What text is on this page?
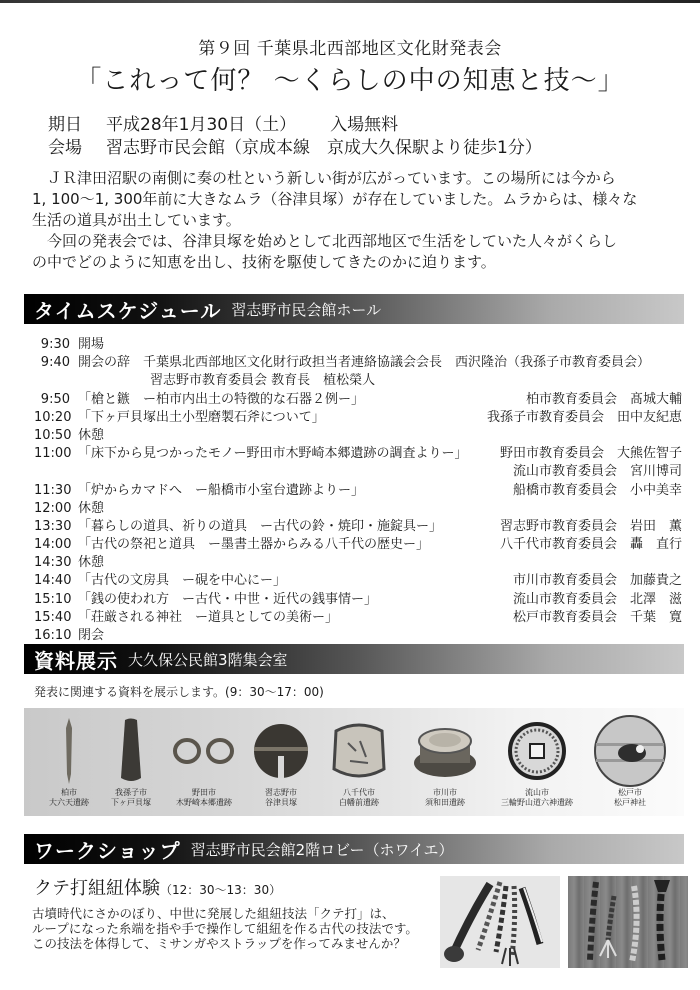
第９回 千葉県北西部地区文化財発表会
「これって何？ ～くらしの中の知恵と技～」
期日 平成28年1月30日（土） 入場無料
会場 習志野市民会館（京成本線　京成大久保駅より徒歩1分）

ＪＲ津田沼駅の南側に奏の杜という新しい街が広がっています。この場所には今から

1, 100～1, 300年前に大きなムラ（谷津貝塚）が存在していました。ムラからは、様々な

生活の道具が出土しています。

今回の発表会では、谷津貝塚を始めとして北西部地区で生活をしていた人々がくらし

の中でどのように知恵を出し、技術を駆使してきたのかに迫ります。

タイムスケジュール 習志野市民会館ホール
9:30 開場
9:40 開会の辞　千葉県北西部地区文化財行政担当者連絡協議会会長　西沢隆治（我孫子市教育委員会）
習志野市教育委員会 教育長　植松榮人
9:50 「槍と鏃　ー柏市内出土の特徴的な石器２例ー」	柏市教育委員会　髙城大輔
10:20 「下ヶ戸貝塚出土小型磨製石斧について」	我孫子市教育委員会　田中友紀恵
10:50 休憩
11:00 「床下から見つかったモノー野田市木野崎本郷遺跡の調査よりー」	野田市教育委員会　大熊佐智子
流山市教育委員会　宮川博司
11:30 「炉からカマドへ　ー船橋市小室台遺跡よりー」	船橋市教育委員会　小中美幸
12:00 休憩
13:30 「暮らしの道具、祈りの道具　ー古代の鈴・焼印・施錠具ー」	習志野市教育委員会　岩田　薫
14:00 「古代の祭祀と道具　ー墨書土器からみる八千代の歴史ー」	八千代市教育委員会　轟　直行
14:30 休憩
14:40 「古代の文房具　ー硯を中心にー」	市川市教育委員会　加藤貴之
15:10 「銭の使われ方　ー古代・中世・近代の銭事情ー」	流山市教育委員会　北澤　滋
15:40 「荘厳される神社　ー道具としての美術ー」	松戸市教育委員会　千葉　寛
16:10 閉会
資料展示 大久保公民館3階集会室
発表に関連する資料を展示します。(9：30～17：00)
柏市
大六天遺跡
我孫子市
下ヶ戸貝塚
野田市
木野崎本郷遺跡
習志野市
谷津貝塚
八千代市
白幡前遺跡
市川市
須和田遺跡
流山市
三輪野山道六神遺跡
松戸市
松戸神社
ワークショップ 習志野市民会館2階ロビー（ホワイエ）
クテ打組紐体験（12：30～13：30）
古墳時代にさかのぼり、中世に発展した組紐技法「クテ打」は、
ループになった糸端を指や手で操作して組紐を作る古代の技法です。
この技法を体得して、ミサンガやストラップを作ってみませんか？
